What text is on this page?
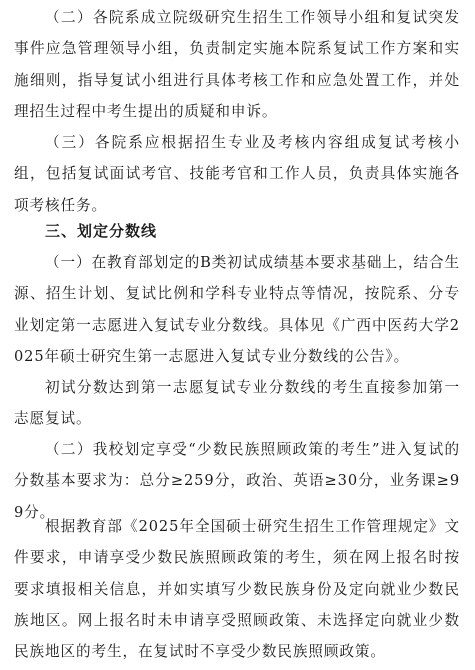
（二）各院系成立院级研究生招生工作领导小组和复试突发事件应急管理领导小组，负责制定实施本院系复试工作方案和实施细则，指导复试小组进行具体考核工作和应急处置工作，并处理招生过程中考生提出的质疑和申诉。

（三）各院系应根据招生专业及考核内容组成复试考核小组，包括复试面试考官、技能考官和工作人员，负责具体实施各项考核任务。

三、划定分数线

（一）在教育部划定的B类初试成绩基本要求基础上，结合生源、招生计划、复试比例和学科专业特点等情况，按院系、分专业划定第一志愿进入复试专业分数线。具体见《广西中医药大学2025年硕士研究生第一志愿进入复试专业分数线的公告》。

初试分数达到第一志愿复试专业分数线的考生直接参加第一志愿复试。

（二）我校划定享受“少数民族照顾政策的考生”进入复试的分数基本要求为：总分≥259分，政治、英语≥30分，业务课≥99分。

根据教育部《2025年全国硕士研究生招生工作管理规定》文件要求，申请享受少数民族照顾政策的考生，须在网上报名时按要求填报相关信息，并如实填写少数民族身份及定向就业少数民族地区。网上报名时未申请享受照顾政策、未选择定向就业少数民族地区的考生，在复试时不享受少数民族照顾政策。
